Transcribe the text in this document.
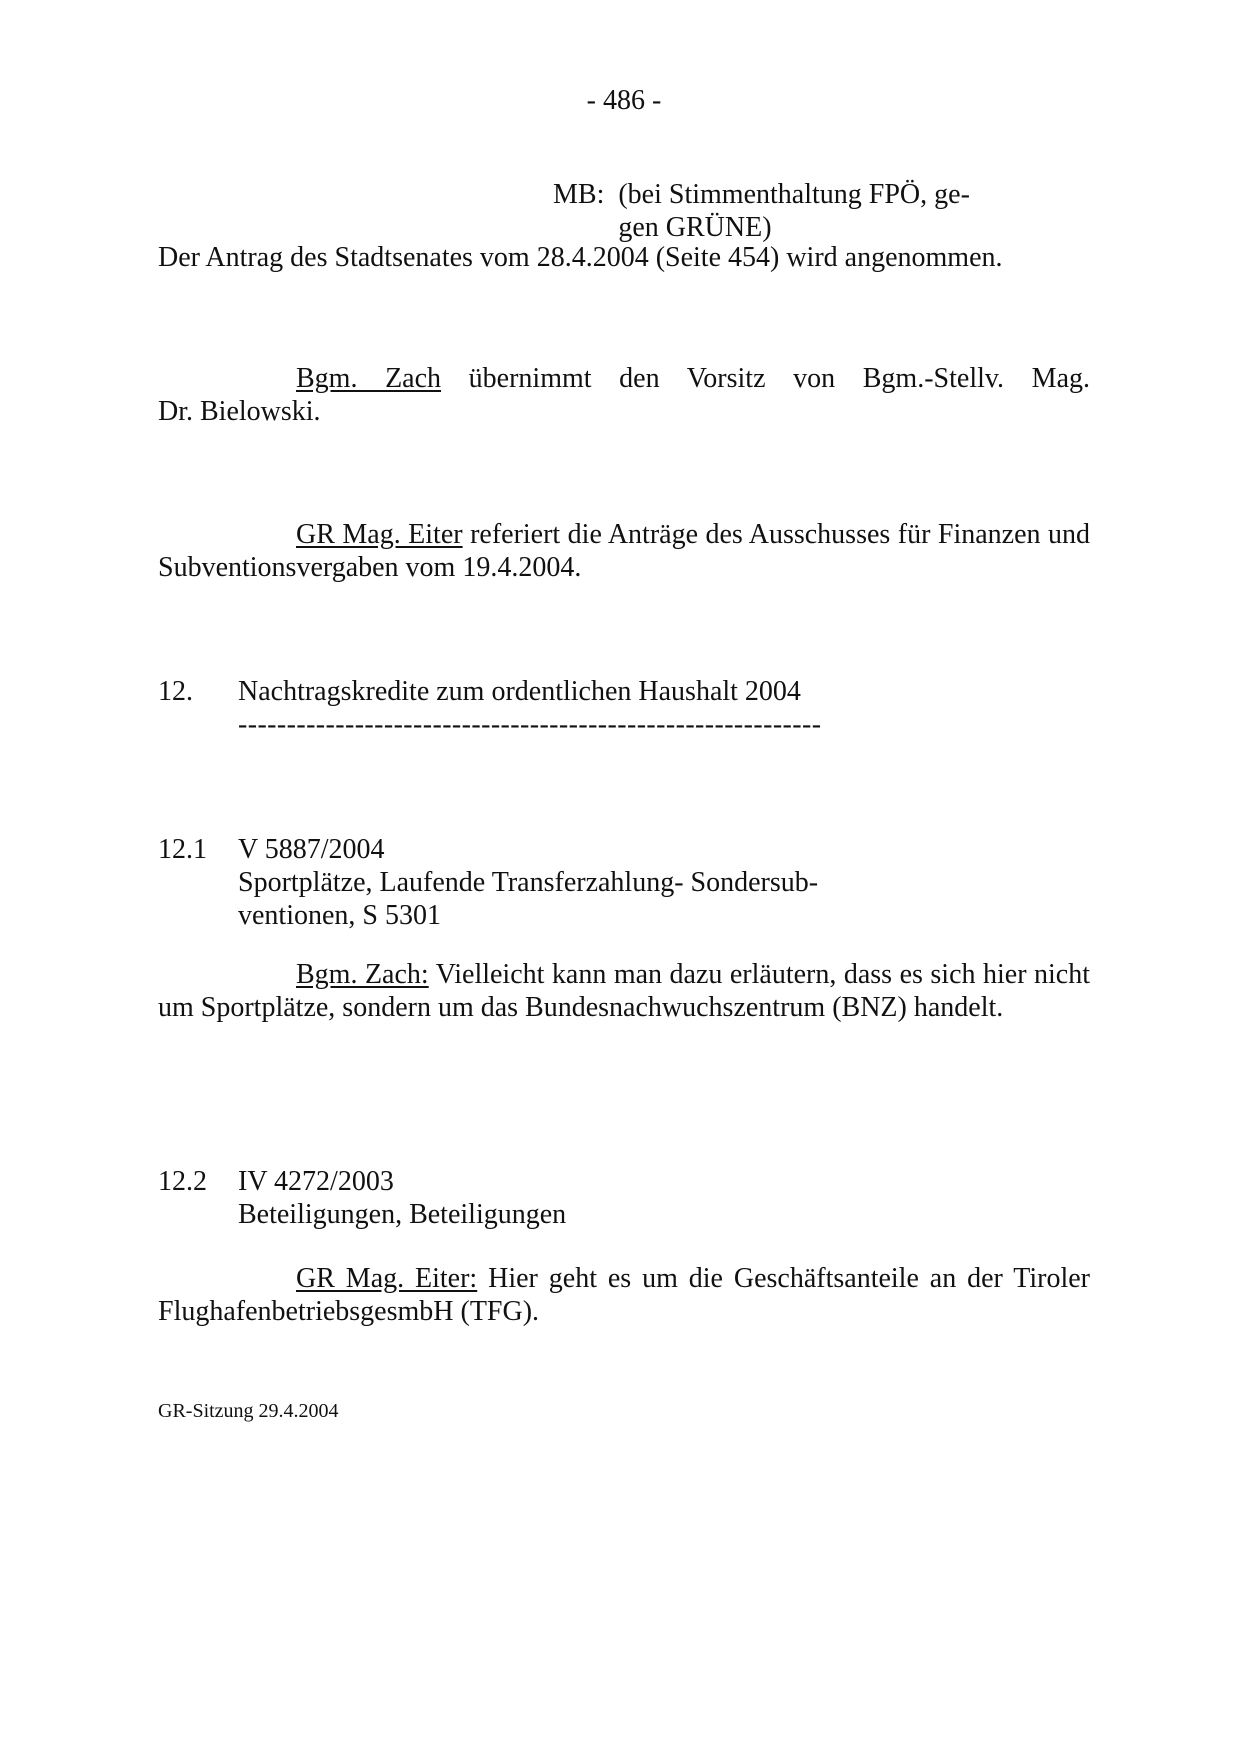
- 486 -
MB: (bei Stimmenthaltung FPÖ, ge-
gen GRÜNE)

Der Antrag des Stadtsenates vom 28.4.2004 (Seite 454) wird angenommen.

Bgm. Zach übernimmt den Vorsitz von Bgm.-Stellv. Mag. Dr. Bielowski.

GR Mag. Eiter referiert die Anträge des Ausschusses für Finanzen und Subventionsvergaben vom 19.4.2004.

12.	Nachtragskredite zum ordentlichen Haushalt 2004
------------------------------------------------------------
12.1	V 5887/2004
Sportplätze, Laufende Transferzahlung- Sondersub-
ventionen, S 5301

Bgm. Zach: Vielleicht kann man dazu erläutern, dass es sich hier nicht um Sportplätze, sondern um das Bundesnachwuchszentrum (BNZ) handelt.

12.2	IV 4272/2003
Beteiligungen, Beteiligungen

GR Mag. Eiter: Hier geht es um die Geschäftsanteile an der Tiroler FlughafenbetriebsgesmbH (TFG).

GR-Sitzung 29.4.2004
